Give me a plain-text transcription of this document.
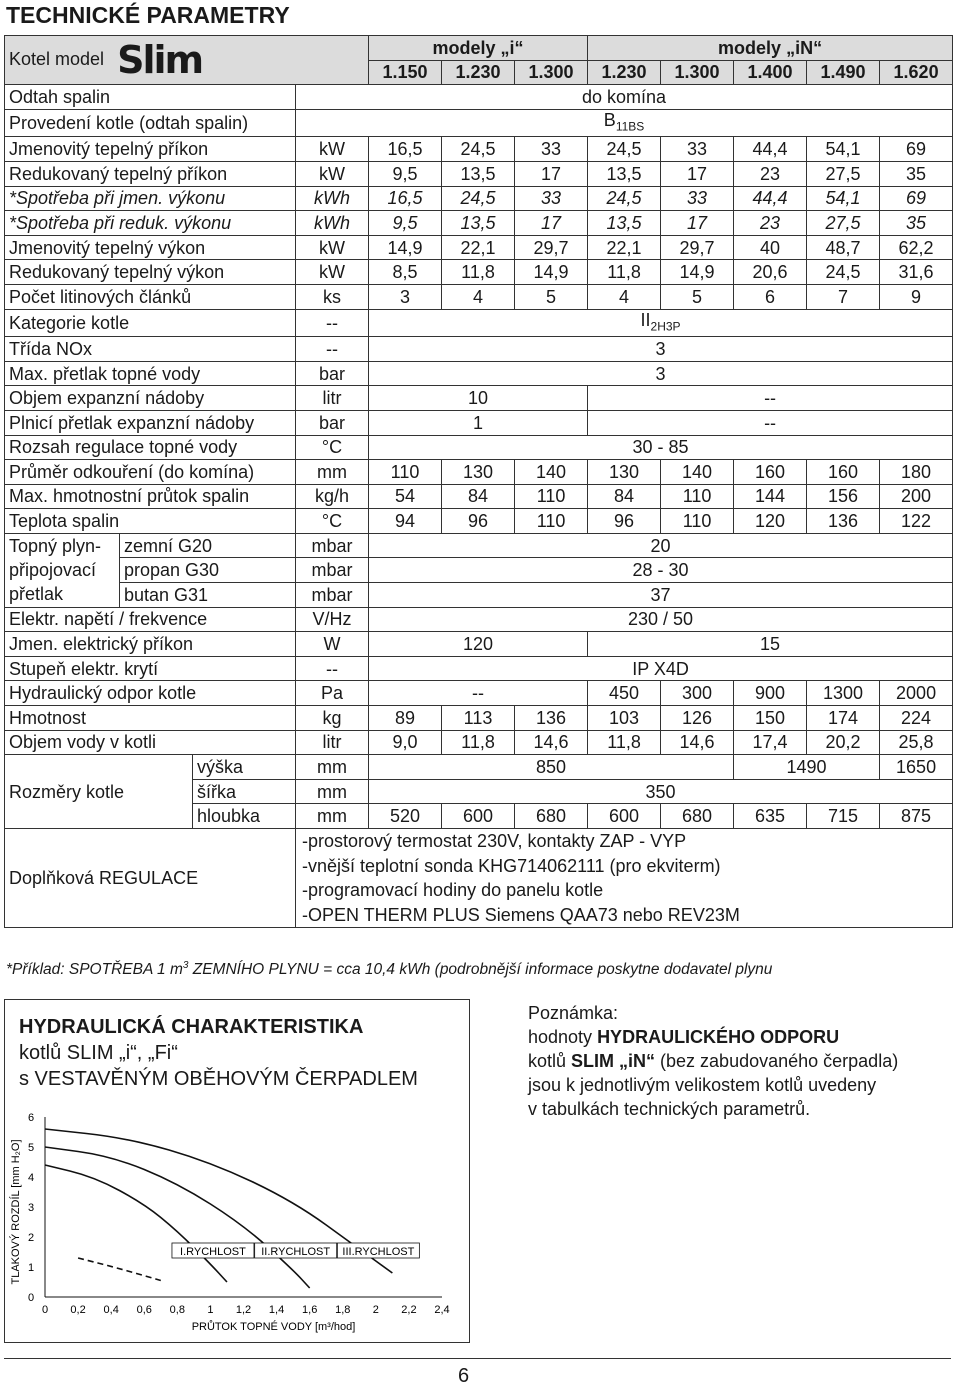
TECHNICKÉ PARAMETRY
Kotel model Slim				modely „i“			modely „iN“				
				1.150	1.230	1.300	1.230	1.300	1.400	1.490	1.620
Odtah spalin			do komína								
Provedení kotle (odtah spalin)			$B_{11BS}$
Jmenovitý tepelný příkon			kW	16,5	24,5	33	24,5	33	44,4	54,1	69
Redukovaný tepelný příkon			kW	9,5	13,5	17	13,5	17	23	27,5	35
*Spotřeba při jmen. výkonu			kWh	16,5	24,5	33	24,5	33	44,4	54,1	69
*Spotřeba při reduk. výkonu			kWh	9,5	13,5	17	13,5	17	23	27,5	35
Jmenovitý tepelný výkon			kW	14,9	22,1	29,7	22,1	29,7	40	48,7	62,2
Redukovaný tepelný výkon			kW	8,5	11,8	14,9	11,8	14,9	20,6	24,5	31,6
Počet litinových článků			ks	3	4	5	4	5	6	7	9
Kategorie kotle			--	$II_{2H3P}$
Třída NOx			--	3							
Max. přetlak topné vody			bar	3							
Objem expanzní nádoby			litr	10			--				
Plnicí přetlak expanzní nádoby			bar	1			--				
Rozsah regulace topné vody			°C	30 - 85							
Průměr odkouření (do komína)			mm	110	130	140	130	140	160	160	180
Max. hmotnostní průtok spalin			kg/h	54	84	110	84	110	144	156	200
Teplota spalin			°C	94	96	110	96	110	120	136	122
Topný plyn-
připojovací
přetlak	zemní G20		mbar	20							
	propan G30		mbar	28 - 30							
	butan G31		mbar	37							
Elektr. napětí / frekvence			V/Hz	230 / 50							
Jmen. elektrický příkon			W	120			15				
Stupeň elektr. krytí			--	IP X4D							
Hydraulický odpor kotle			Pa	--			450	300	900	1300	2000
Hmotnost			kg	89	113	136	103	126	150	174	224
Objem vody v kotli			litr	9,0	11,8	14,6	11,8	14,6	17,4	20,2	25,8
Rozměry kotle		výška	mm	850					1490		1650
		šířka	mm	350							
		hloubka	mm	520	600	680	600	680	635	715	875
Doplňková REGULACE			-prostorový termostat 230V, kontakty ZAP - VYP
-vnější teplotní sonda KHG714062111 (pro ekviterm)
-programovací hodiny do panelu kotle
-OPEN THERM PLUS Siemens QAA73 nebo REV23M								
*Příklad: SPOTŘEBA 1 $m^3$ ZEMNÍHO PLYNU = cca 10,4 kWh (podrobnější informace poskytne dodavatel plynu
HYDRAULICKÁ CHARAKTERISTIKA
kotlů SLIM „i“, „Fi“
s VESTAVĚNÝM OBĚHOVÝM ČERPADLEM
0
1
2
3
4
5
6
0 0,2 0,4 0,6 0,8 1 1,2 1,4 1,6 1,8 2 2,2 2,4
PRŮTOK TOPNÉ VODY [m³/hod]
TLAKOVÝ ROZDÍL [mm H₂O]	I.RYCHLOST II.RYCHLOST III.RYCHLOST
Poznámka:
hodnoty HYDRAULICKÉHO ODPORU
kotlů SLIM „iN“ (bez zabudovaného čerpadla)
jsou k jednotlivým velikostem kotlů uvedeny
v tabulkách technických parametrů.
6
